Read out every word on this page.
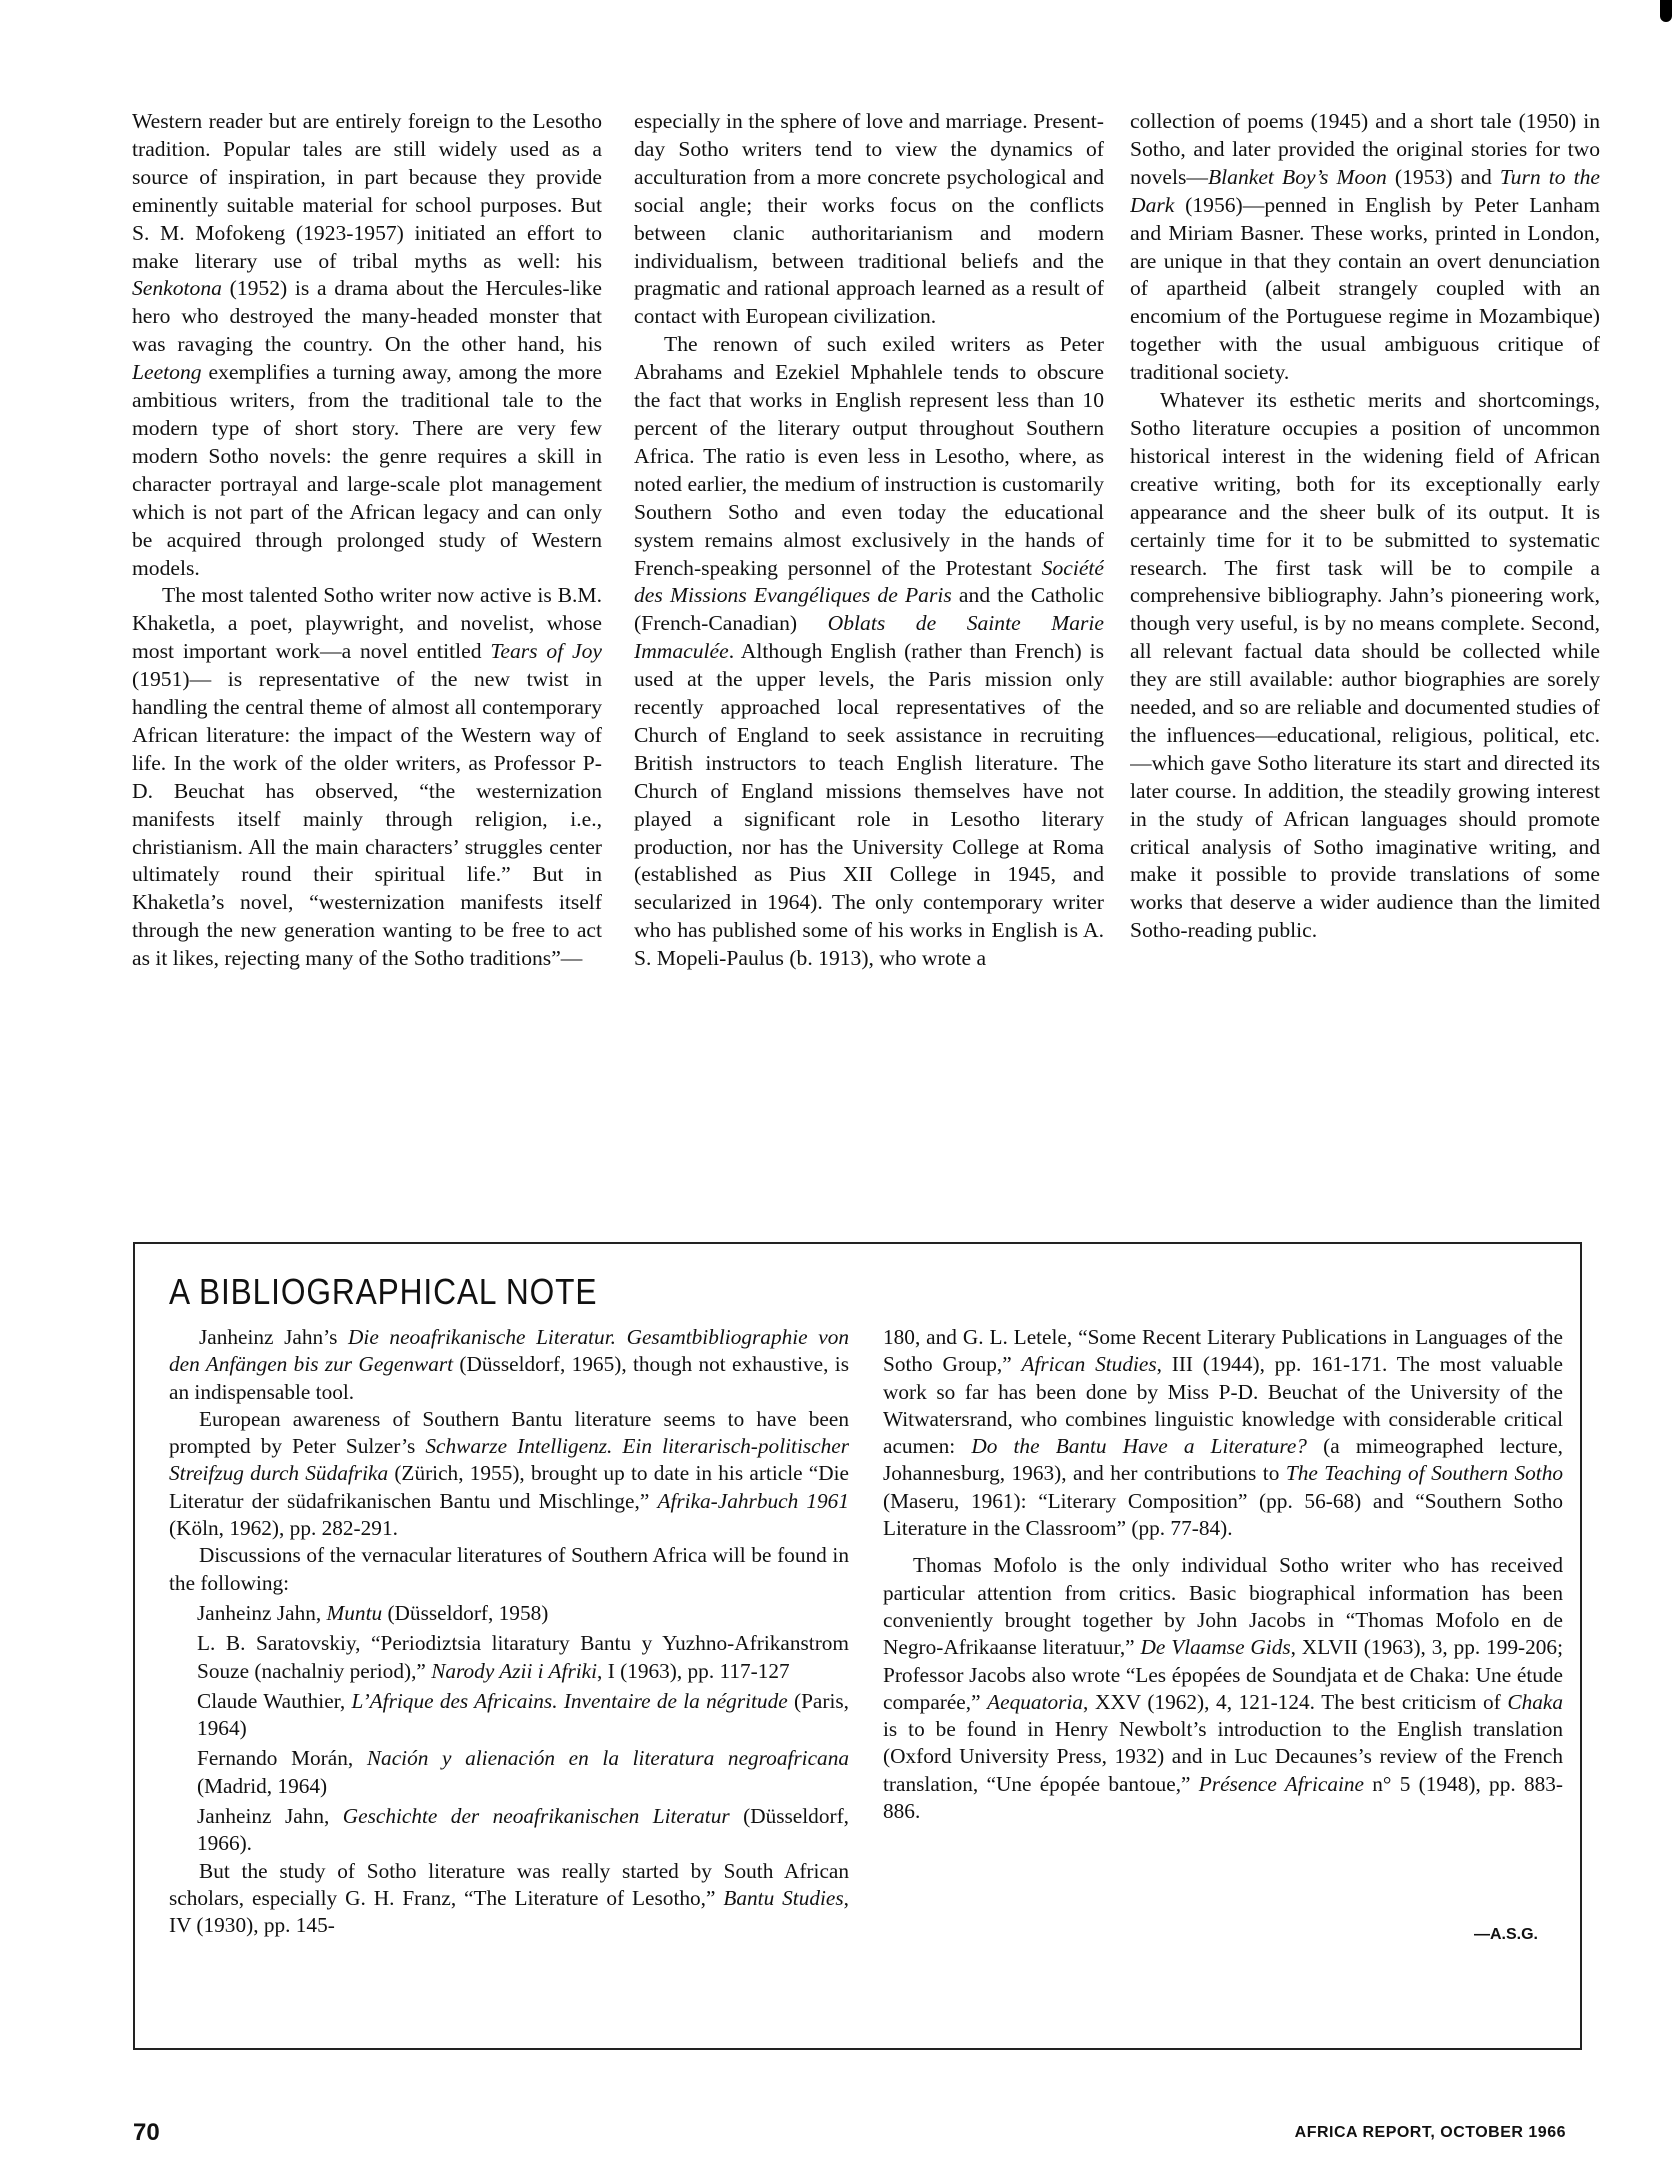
Western reader but are entirely foreign to the Lesotho tradition. Popular tales are still widely used as a source of inspiration, in part because they provide eminently suitable material for school purposes. But S. M. Mofokeng (1923-1957) initiated an effort to make literary use of tribal myths as well: his Senkotona (1952) is a drama about the Hercules-like hero who destroyed the many-headed monster that was ravaging the country. On the other hand, his Leetong exemplifies a turning away, among the more ambitious writers, from the traditional tale to the modern type of short story. There are very few modern Sotho novels: the genre requires a skill in character portrayal and large-scale plot management which is not part of the African legacy and can only be acquired through prolonged study of Western models.

The most talented Sotho writer now active is B.M. Khaketla, a poet, playwright, and novelist, whose most important work—a novel entitled Tears of Joy (1951)— is representative of the new twist in handling the central theme of almost all contemporary African literature: the impact of the Western way of life. In the work of the older writers, as Professor P-D. Beuchat has observed, “the westernization manifests itself mainly through religion, i.e., christianism. All the main characters’ struggles center ultimately round their spiritual life.” But in Khaketla’s novel, “westernization manifests itself through the new generation wanting to be free to act as it likes, rejecting many of the Sotho traditions”—

especially in the sphere of love and marriage. Present-day Sotho writers tend to view the dynamics of acculturation from a more concrete psychological and social angle; their works focus on the conflicts between clanic authoritarianism and modern individualism, between traditional beliefs and the pragmatic and rational approach learned as a result of contact with European civilization.

The renown of such exiled writers as Peter Abrahams and Ezekiel Mphahlele tends to obscure the fact that works in English represent less than 10 percent of the literary output throughout Southern Africa. The ratio is even less in Lesotho, where, as noted earlier, the medium of instruction is customarily Southern Sotho and even today the educational system remains almost exclusively in the hands of French-speaking personnel of the Protestant Société des Missions Evangéliques de Paris and the Catholic (French-Canadian) Oblats de Sainte Marie Immaculée. Although English (rather than French) is used at the upper levels, the Paris mission only recently approached local representatives of the Church of England to seek assistance in recruiting British instructors to teach English literature. The Church of England missions themselves have not played a significant role in Lesotho literary production, nor has the University College at Roma (established as Pius XII College in 1945, and secularized in 1964). The only contemporary writer who has published some of his works in English is A. S. Mopeli-Paulus (b. 1913), who wrote a

collection of poems (1945) and a short tale (1950) in Sotho, and later provided the original stories for two novels—Blanket Boy’s Moon (1953) and Turn to the Dark (1956)—penned in English by Peter Lanham and Miriam Basner. These works, printed in London, are unique in that they contain an overt denunciation of apartheid (albeit strangely coupled with an encomium of the Portuguese regime in Mozambique) together with the usual ambiguous critique of traditional society.

Whatever its esthetic merits and shortcomings, Sotho literature occupies a position of uncommon historical interest in the widening field of African creative writing, both for its exceptionally early appearance and the sheer bulk of its output. It is certainly time for it to be submitted to systematic research. The first task will be to compile a comprehensive bibliography. Jahn’s pioneering work, though very useful, is by no means complete. Second, all relevant factual data should be collected while they are still available: author biographies are sorely needed, and so are reliable and documented studies of the influences—educational, religious, political, etc.—which gave Sotho literature its start and directed its later course. In addition, the steadily growing interest in the study of African languages should promote critical analysis of Sotho imaginative writing, and make it possible to provide translations of some works that deserve a wider audience than the limited Sotho-reading public.

A BIBLIOGRAPHICAL NOTE

Janheinz Jahn’s Die neoafrikanische Literatur. Gesamtbibliographie von den Anfängen bis zur Gegenwart (Düsseldorf, 1965), though not exhaustive, is an indispensable tool.

European awareness of Southern Bantu literature seems to have been prompted by Peter Sulzer’s Schwarze Intelligenz. Ein literarisch-politischer Streifzug durch Südafrika (Zürich, 1955), brought up to date in his article “Die Literatur der südafrikanischen Bantu und Mischlinge,” Afrika-Jahrbuch 1961 (Köln, 1962), pp. 282-291.

Discussions of the vernacular literatures of Southern Africa will be found in the following:

Janheinz Jahn, Muntu (Düsseldorf, 1958)

L. B. Saratovskiy, “Periodiztsia litaratury Bantu y Yuzhno-Afrikanstrom Souze (nachalniy period),” Narody Azii i Afriki, I (1963), pp. 117-127

Claude Wauthier, L’Afrique des Africains. Inventaire de la négritude (Paris, 1964)

Fernando Morán, Nación y alienación en la literatura negroafricana (Madrid, 1964)

Janheinz Jahn, Geschichte der neoafrikanischen Literatur (Düsseldorf, 1966).

But the study of Sotho literature was really started by South African scholars, especially G. H. Franz, “The Literature of Lesotho,” Bantu Studies, IV (1930), pp. 145-

180, and G. L. Letele, “Some Recent Literary Publications in Languages of the Sotho Group,” African Studies, III (1944), pp. 161-171. The most valuable work so far has been done by Miss P-D. Beuchat of the University of the Witwatersrand, who combines linguistic knowledge with considerable critical acumen: Do the Bantu Have a Literature? (a mimeographed lecture, Johannesburg, 1963), and her contributions to The Teaching of Southern Sotho (Maseru, 1961): “Literary Composition” (pp. 56-68) and “Southern Sotho Literature in the Classroom” (pp. 77-84).

Thomas Mofolo is the only individual Sotho writer who has received particular attention from critics. Basic biographical information has been conveniently brought together by John Jacobs in “Thomas Mofolo en de Negro-Afrikaanse literatuur,” De Vlaamse Gids, XLVII (1963), 3, pp. 199-206; Professor Jacobs also wrote “Les épopées de Soundjata et de Chaka: Une étude comparée,” Aequatoria, XXV (1962), 4, 121-124. The best criticism of Chaka is to be found in Henry Newbolt’s introduction to the English translation (Oxford University Press, 1932) and in Luc Decaunes’s review of the French translation, “Une épopée bantoue,” Présence Africaine n° 5 (1948), pp. 883-886.

—A.S.G.

70	AFRICA REPORT, OCTOBER 1966
